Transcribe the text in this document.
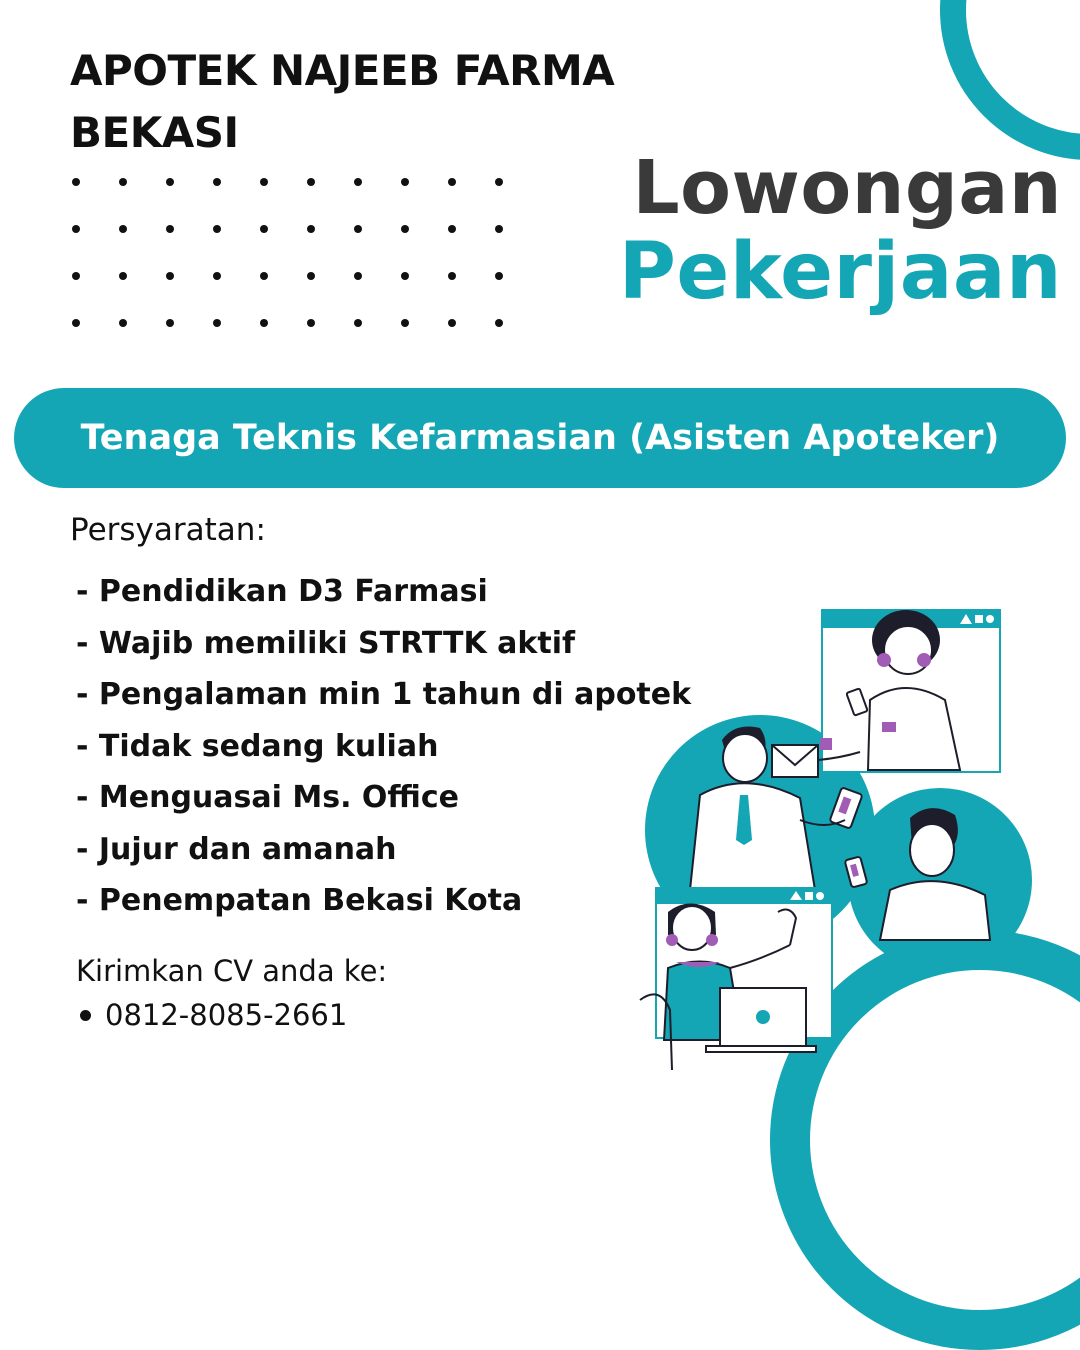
APOTEK NAJEEB FARMA
BEKASI
Lowongan
Pekerjaan
Tenaga Teknis Kefarmasian (Asisten Apoteker)
Persyaratan:
- Pendidikan D3 Farmasi
- Wajib memiliki STRTTK aktif
- Pengalaman min 1 tahun di apotek
- Tidak sedang kuliah
- Menguasai Ms. Office
- Jujur dan amanah
- Penempatan Bekasi Kota
Kirimkan CV anda ke:
0812-8085-2661
